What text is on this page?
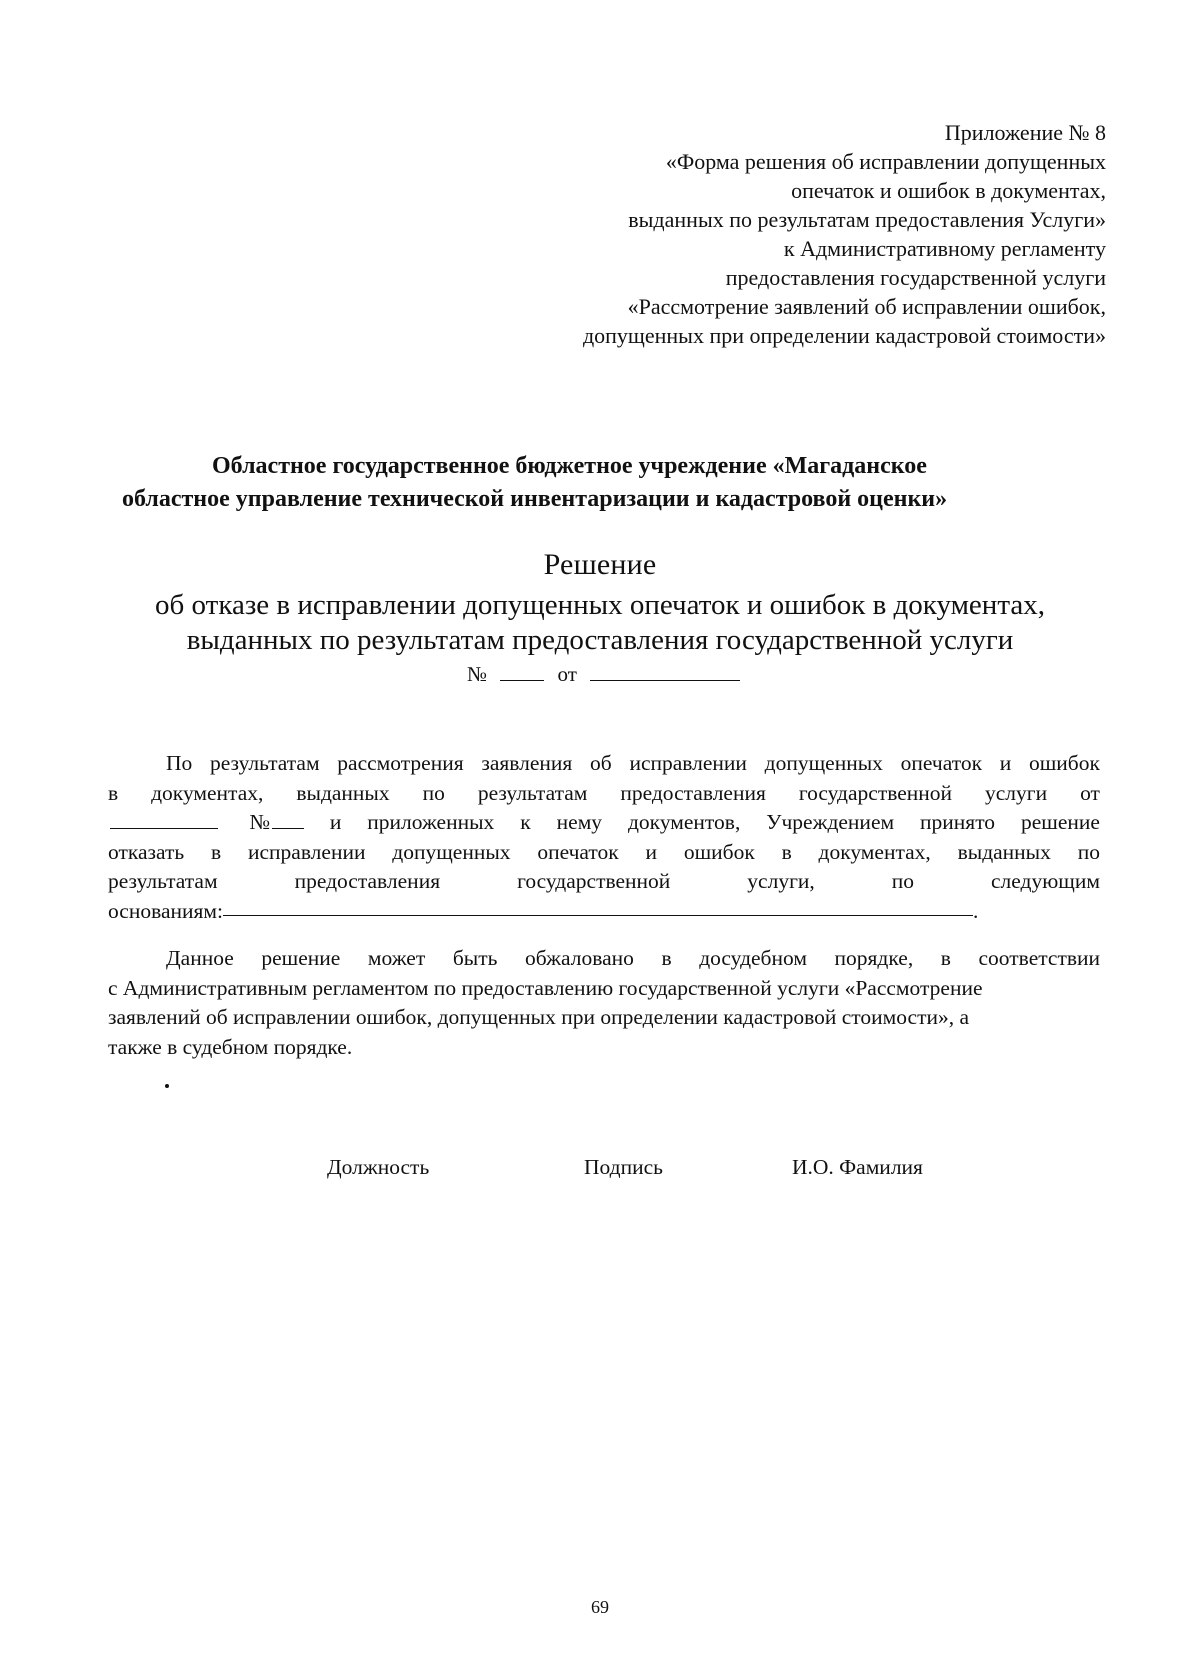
Приложение № 8
«Форма решения об исправлении допущенных
опечаток и ошибок в документах,
выданных по результатам предоставления Услуги»
к Административному регламенту
предоставления государственной услуги
«Рассмотрение заявлений об исправлении ошибок,
допущенных при определении кадастровой стоимости»
Областное государственное бюджетное учреждение «Магаданское
областное управление технической инвентаризации и кадастровой оценки»
Решение
об отказе в исправлении допущенных опечаток и ошибок в документах,
выданных по результатам предоставления государственной услуги
№	от
По результатам рассмотрения заявления об исправлении допущенных опечаток и ошибок
в документах, выданных по результатам предоставления государственной услуги от
№	и приложенных к нему документов, Учреждением принято решение
отказать в исправлении допущенных опечаток и ошибок в документах, выданных по
результатам	предоставления	государственной	услуги,	по	следующим
основаниям:	.
Данное решение может быть обжаловано в досудебном порядке, в соответствии
с Административным регламентом по предоставлению государственной услуги «Рассмотрение
заявлений об исправлении ошибок, допущенных при определении кадастровой стоимости», а
также в судебном порядке.
Должность	Подпись	И.О. Фамилия
69
